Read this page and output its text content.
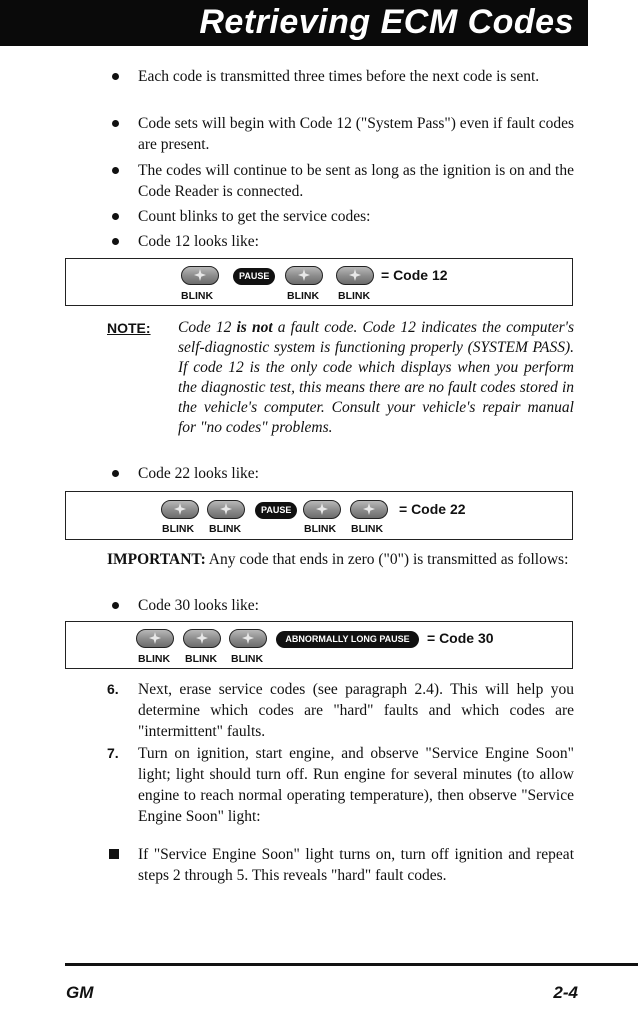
Retrieving ECM Codes
Each code is transmitted three times before the next code is sent.
Code sets will begin with Code 12 ("System Pass") even if fault codes are present.
The codes will continue to be sent as long as the ignition is on and the Code Reader is connected.
Count blinks to get the service codes:
Code 12 looks like:
PAUSE	= Code 12
BLINK	BLINK BLINK
NOTE: Code 12 is not a fault code. Code 12 indicates the computer's self-diagnostic system is functioning properly (SYSTEM PASS). If code 12 is the only code which displays when you perform the diagnostic test, this means there are no fault codes stored in the vehicle's computer. Consult your vehicle's repair manual for "no codes" problems.
Code 22 looks like:
PAUSE	= Code 22
BLINK BLINK	BLINK BLINK
IMPORTANT: Any code that ends in zero ("0") is transmitted as follows:
Code 30 looks like:
ABNORMALLY LONG PAUSE	= Code 30
BLINK BLINK BLINK
6. Next, erase service codes (see paragraph 2.4). This will help you determine which codes are "hard" faults and which codes are "intermittent" faults.
7. Turn on ignition, start engine, and observe "Service Engine Soon" light; light should turn off. Run engine for several minutes (to allow engine to reach normal operating temperature), then observe "Service Engine Soon" light:
If "Service Engine Soon" light turns on, turn off ignition and repeat steps 2 through 5. This reveals "hard" fault codes.
GM	2-4
